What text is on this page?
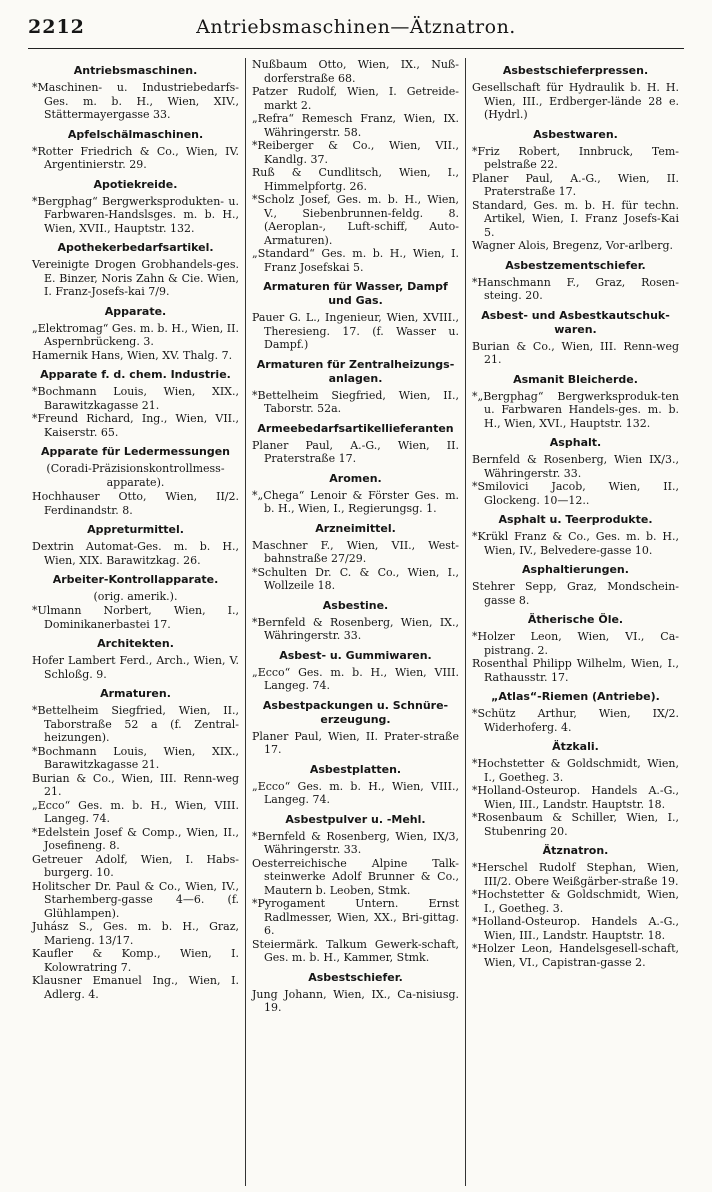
2212	Antriebsmaschinen—Ätznatron.
Antriebsmaschinen.

*Maschinen- u. Industriebedarfs-Ges. m. b. H., Wien, XIV., Stättermayergasse 33.

Apfelschälmaschinen.

*Rotter Friedrich & Co., Wien, IV. Argentinierstr. 29.

Apotiekreide.

*Bergphag“ Bergwerksprodukten- u. Farbwaren-Handslsges. m. b. H., Wien, XVII., Hauptstr. 132.

Apothekerbedarfsartikel.

Vereinigte Drogen Grobhandels-ges. E. Binzer, Noris Zahn & Cie. Wien, I. Franz-Josefs-kai 7/9.

Apparate.

„Elektromag“ Ges. m. b. H., Wien, II. Aspernbrückeng. 3.

Hamernik Hans, Wien, XV. Thalg. 7.

Apparate f. d. chem. Industrie.

*Bochmann Louis, Wien, XIX., Barawitzkagasse 21.

*Freund Richard, Ing., Wien, VII., Kaiserstr. 65.

Apparate für Ledermessungen
(Coradi-Präzisionskontrollmess-apparate).

Hochhauser Otto, Wien, II/2. Ferdinandstr. 8.

Appreturmittel.

Dextrin Automat-Ges. m. b. H., Wien, XIX. Barawitzkag. 26.

Arbeiter-Kontrollapparate.
(orig. amerik.).

*Ulmann Norbert, Wien, I., Dominikanerbastei 17.

Architekten.

Hofer Lambert Ferd., Arch., Wien, V. Schloßg. 9.

Armaturen.

*Bettelheim Siegfried, Wien, II., Taborstraße 52 a (f. Zentral-heizungen).

*Bochmann Louis, Wien, XIX., Barawitzkagasse 21.

Burian & Co., Wien, III. Renn-weg 21.

„Ecco“ Ges. m. b. H., Wien, VIII. Langeg. 74.

*Edelstein Josef & Comp., Wien, II., Josefineng. 8.

Getreuer Adolf, Wien, I. Habs-burgerg. 10.

Holitscher Dr. Paul & Co., Wien, IV., Starhemberg-gasse 4—6. (f. Glühlampen).

Juhász S., Ges. m. b. H., Graz, Marieng. 13/17.

Kaufler & Komp., Wien, I. Kolowratring 7.

Klausner Emanuel Ing., Wien, I. Adlerg. 4.

Nußbaum Otto, Wien, IX., Nuß-dorferstraße 68.

Patzer Rudolf, Wien, I. Getreide-markt 2.

„Refra“ Remesch Franz, Wien, IX. Währingerstr. 58.

*Reiberger & Co., Wien, VII., Kandlg. 37.

Ruß & Cundlitsch, Wien, I., Himmelpfortg. 26.

*Scholz Josef, Ges. m. b. H., Wien, V., Siebenbrunnen-feldg. 8. (Aeroplan-, Luft-schiff, Auto-Armaturen).

„Standard“ Ges. m. b. H., Wien, I. Franz Josefskai 5.

Armaturen für Wasser, Dampf und Gas.

Pauer G. L., Ingenieur, Wien, XVIII., Theresieng. 17. (f. Wasser u. Dampf.)

Armaturen für Zentralheizungs-anlagen.

*Bettelheim Siegfried, Wien, II., Taborstr. 52a.

Armeebedarfsartikellieferanten

Planer Paul, A.-G., Wien, II. Praterstraße 17.

Aromen.

*„Chega“ Lenoir & Förster Ges. m. b. H., Wien, I., Regierungsg. 1.

Arzneimittel.

Maschner F., Wien, VII., West-bahnstraße 27/29.

*Schulten Dr. C. & Co., Wien, I., Wollzeile 18.

Asbestine.

*Bernfeld & Rosenberg, Wien, IX., Währingerstr. 33.

Asbest- u. Gummiwaren.

„Ecco“ Ges. m. b. H., Wien, VIII. Langeg. 74.

Asbestpackungen u. Schnüre-erzeugung.

Planer Paul, Wien, II. Prater-straße 17.

Asbestplatten.

„Ecco“ Ges. m. b. H., Wien, VIII., Langeg. 74.

Asbestpulver u. -Mehl.

*Bernfeld & Rosenberg, Wien, IX/3, Währingerstr. 33.

Oesterreichische Alpine Talk-steinwerke Adolf Brunner & Co., Mautern b. Leoben, Stmk.

*Pyrogament Untern. Ernst Radlmesser, Wien, XX., Bri-gittag. 6.

Steiermärk. Talkum Gewerk-schaft, Ges. m. b. H., Kammer, Stmk.

Asbestschiefer.

Jung Johann, Wien, IX., Ca-nisiusg. 19.

Asbestschieferpressen.

Gesellschaft für Hydraulik b. H. H. Wien, III., Erdberger-lände 28 e. (Hydrl.)

Asbestwaren.

*Friz Robert, Innbruck, Tem-pelstraße 22.

Planer Paul, A.-G., Wien, II. Praterstraße 17.

Standard, Ges. m. b. H. für techn. Artikel, Wien, I. Franz Josefs-Kai 5.

Wagner Alois, Bregenz, Vor-arlberg.

Asbestzementschiefer.

*Hanschmann F., Graz, Rosen-steing. 20.

Asbest- und Asbestkautschuk-waren.

Burian & Co., Wien, III. Renn-weg 21.

Asmanit Bleicherde.

*„Bergphag“ Bergwerksproduk-ten u. Farbwaren Handels-ges. m. b. H., Wien, XVI., Hauptstr. 132.

Asphalt.

Bernfeld & Rosenberg, Wien IX/3., Währingerstr. 33.

*Smilovici Jacob, Wien, II., Glockeng. 10—12..

Asphalt u. Teerprodukte.

*Krükl Franz & Co., Ges. m. b. H., Wien, IV., Belvedere-gasse 10.

Asphaltierungen.

Stehrer Sepp, Graz, Mondschein-gasse 8.

Ätherische Öle.

*Holzer Leon, Wien, VI., Ca-pistrang. 2.

Rosenthal Philipp Wilhelm, Wien, I., Rathausstr. 17.

„Atlas“-Riemen (Antriebe).

*Schütz Arthur, Wien, IX/2. Widerhoferg. 4.

Ätzkali.

*Hochstetter & Goldschmidt, Wien, I., Goetheg. 3.

*Holland-Osteurop. Handels A.-G., Wien, III., Landstr. Hauptstr. 18.

*Rosenbaum & Schiller, Wien, I., Stubenring 20.

Ätznatron.

*Herschel Rudolf Stephan, Wien, III/2. Obere Weißgärber-straße 19.

*Hochstetter & Goldschmidt, Wien, I., Goetheg. 3.

*Holland-Osteurop. Handels A.-G., Wien, III., Landstr. Hauptstr. 18.

*Holzer Leon, Handelsgesell-schaft, Wien, VI., Capistran-gasse 2.
